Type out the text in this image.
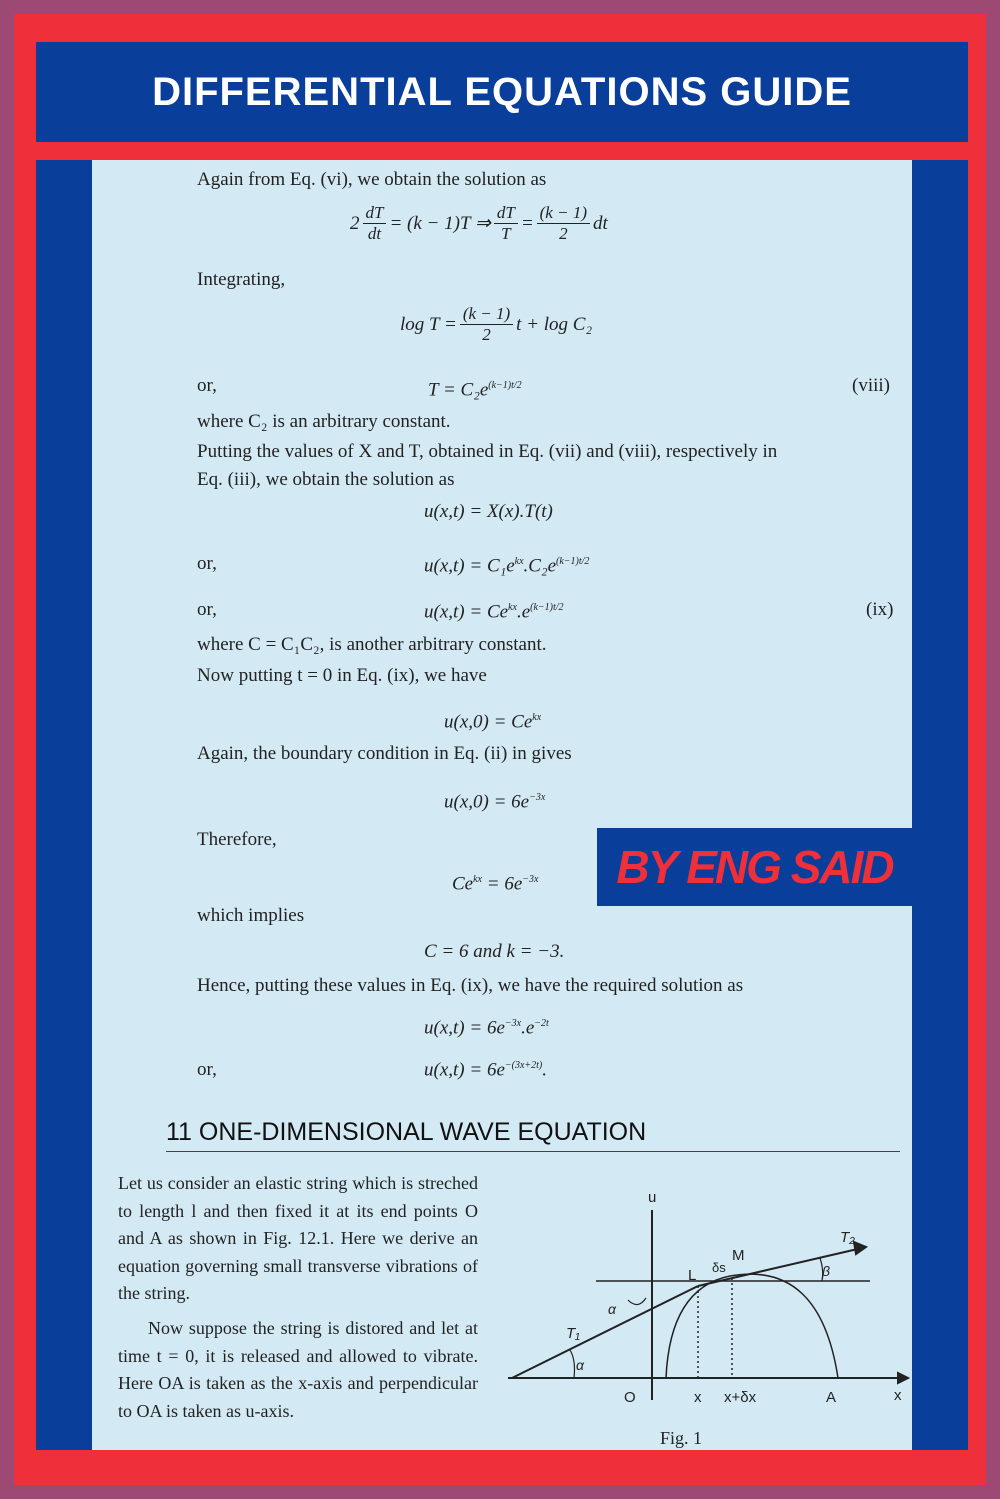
DIFFERENTIAL EQUATIONS GUIDE
Again from Eq. (vi), we obtain the solution as
$2 \frac{dT}{dt} = (k - 1)T$ ⇒ $\frac{dT}{T} = \frac{(k - 1)}{2}$ dt
Integrating,
$\log T = \frac{(k - 1)}{2}$ t + log C₂
or,	$T = C_2e^{(k-1)t/2}$	(viii)
where C₂ is an arbitrary constant.
Putting the values of X and T, obtained in Eq. (vii) and (viii), respectively in
Eq. (iii), we obtain the solution as
u(x,t) = X(x).T(t)
or,	$u(x,t) = C_1e^{kx}.C_2e^{(k-1)t/2}$
or,	$u(x,t) = Ce^{kx}.e^{(k-1)t/2}$	(ix)
where C = C₁C₂, is another arbitrary constant.
Now putting t = 0 in Eq. (ix), we have
$u(x,0) = Ce^{kx}$
Again, the boundary condition in Eq. (ii) in gives
$u(x,0) = 6e^{-3x}$
Therefore,
$Ce^{kx} = 6e^{-3x}$ BY ENG SAID
which implies
C = 6 and k = −3.
Hence, putting these values in Eq. (ix), we have the required solution as
$u(x,t) = 6e^{-3x}.e^{-2t}$
or,	$u(x,t) = 6e^{-(3x+2t)}$.
11 ONE-DIMENSIONAL WAVE EQUATION
Let us consider an elastic string which is streched to length l and then fixed it at its end points O and A as shown in Fig. 12.1. Here we derive an equation governing small transverse vibrations of the string.
Now suppose the string is distored and let at time t = 0, it is released and allowed to vibrate. Here OA is taken as the x-axis and perpendicular to OA is taken as u-axis.
u
x
O	x x+δx	A
L
M
δs
T₁
T₂
α
α
β
Fig. 1
